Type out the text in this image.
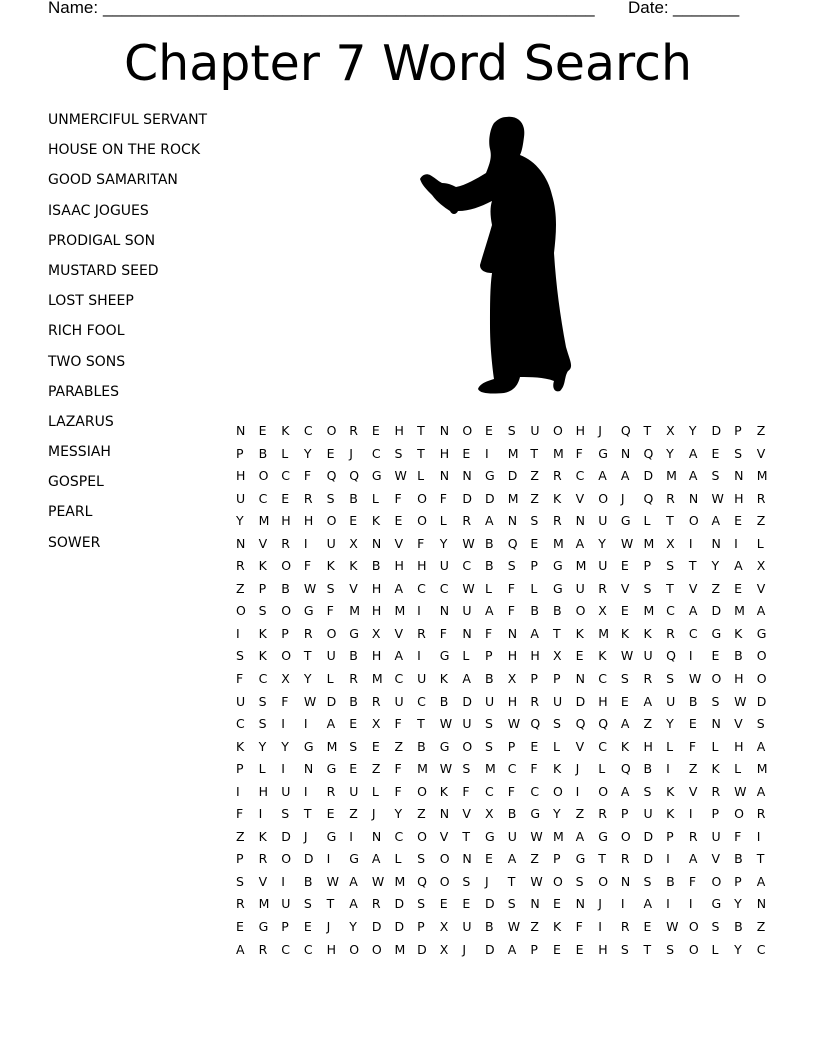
Name: ____________________________________________________ Date: _______
Chapter 7 Word Search
UNMERCIFUL SERVANT
HOUSE ON THE ROCK
GOOD SAMARITAN
ISAAC JOGUES
PRODIGAL SON
MUSTARD SEED
LOST SHEEP
RICH FOOL
TWO SONS
PARABLES
LAZARUS
MESSIAH
GOSPEL
PEARL
SOWER
N	E	K	C	O	R	E	H	T	N	O	E	S	U	O	H	J	Q	T	X	Y	D	P	Z
P	B	L	Y	E	J	C	S	T	H	E	I	M T	M F	G	N	Q	Y	A	E	S	V
H	O	C	F	Q	Q	G	W L	N	N	G	D	Z	R	C	A	A	D	M A	S	N	M
U	C	E	R	S	B	L	F	O	F	D	D	M Z	K	V	O	J	Q	R	N	W H	R
Y	M H	H	O	E	K	E	O	L	R	A	N	S	R	N	U	G	L	T	O	A	E	Z
N	V	R	I	U	X	N	V	F	Y	W B	Q	E	M A	Y	W M X	I	N	I	L
R	K	O	F	K	K	B	H	H	U	C	B	S	P	G	M U	E	P	S	T	Y	A	X
Z	P	B	W S	V	H	A	C	C	W L	F	L	G	U	R	V	S	T	V	Z	E	V
O	S	O	G	F	M H	M I	N	U	A	F	B	B	O	X	E	M C	A	D	M A
I	K	P	R	O	G	X	V	R	F	N	F	N	A	T	K	M K	K	R	C	G	K	G
S	K	O	T	U	B	H	A	I	G	L	P	H	H	X	E	K	W U	Q	I	E	B	O
F	C	X	Y	L	R	M C	U	K	A	B	X	P	P	N	C	S	R	S	W O	H	O
U	S	F	W D	B	R	U	C	B	D	U	H	R	U	D	H	E	A	U	B	S	W D
C	S	I	I	A	E	X	F	T	W U	S	W Q	S	Q	Q	A	Z	Y	E	N	V	S
K	Y	Y	G	M S	E	Z	B	G	O	S	P	E	L	V	C	K	H	L	F	L	H	A
P	L	I	N	G	E	Z	F	M W S	M C	F	K	J	L	Q	B	I	Z	K	L	M
I	H	U	I	R	U	L	F	O	K	F	C	F	C	O	I	O	A	S	K	V	R	W A
F	I	S	T	E	Z	J	Y	Z	N	V	X	B	G	Y	Z	R	P	U	K	I	P	O	R
Z	K	D	J	G	I	N	C	O	V	T	G	U	W M A	G	O	D	P	R	U	F	I
P	R	O	D	I	G	A	L	S	O	N	E	A	Z	P	G	T	R	D	I	A	V	B	T
S	V	I	B	W A	W M Q	O	S	J	T	W O	S	O	N	S	B	F	O	P	A
R	M U	S	T	A	R	D	S	E	E	D	S	N	E	N	J	I	A	I	I	G	Y	N
E	G	P	E	J	Y	D	D	P	X	U	B	W Z	K	F	I	R	E	W O	S	B	Z
A	R	C	C	H	O	O	M D	X	J	D	A	P	E	E	H	S	T	S	O	L	Y	C
